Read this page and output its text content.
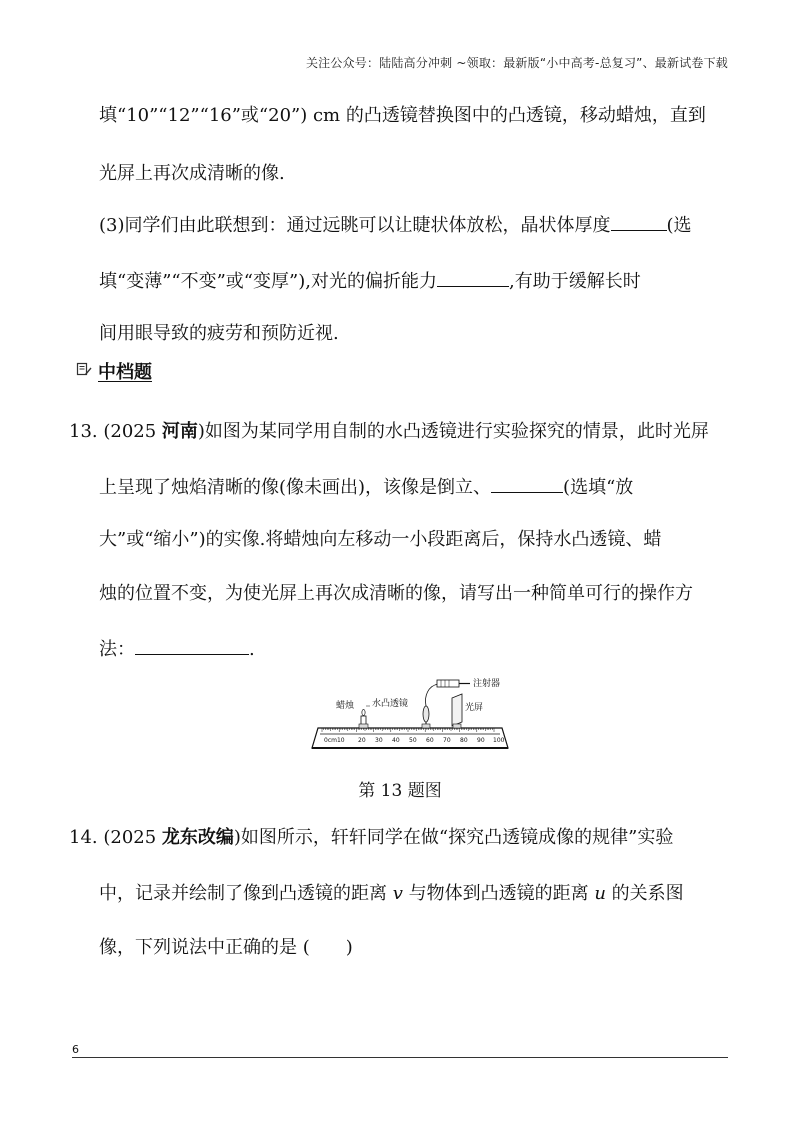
关注公众号：陆陆高分冲刺 ~领取：最新版“小中高考-总复习”、最新试卷下载
填“10”“12”“16”或“20”) cm 的凸透镜替换图中的凸透镜，移动蜡烛，直到
光屏上再次成清晰的像.
(3)同学们由此联想到：通过远眺可以让睫状体放松，晶状体厚度	(选
填“变薄”“不变”或“变厚”),对光的偏折能力	,有助于缓解长时
间用眼导致的疲劳和预防近视.
中档题
13. (2025 河南)如图为某同学用自制的水凸透镜进行实验探究的情景，此时光屏
上呈现了烛焰清晰的像(像未画出)，该像是倒立、	(选填“放
大”或“缩小”)的实像.将蜡烛向左移动一小段距离后，保持水凸透镜、蜡
烛的位置不变，为使光屏上再次成清晰的像，请写出一种简单可行的操作方
法：	.
0cm10 20 30 40 50 60 70 80 90 100
蜡烛 水凸透镜
注射器
光屏
第 13 题图
14. (2025 龙东改编)如图所示，轩轩同学在做“探究凸透镜成像的规律”实验
中，记录并绘制了像到凸透镜的距离 v 与物体到凸透镜的距离 u 的关系图
像，下列说法中正确的是 (　　)
6
